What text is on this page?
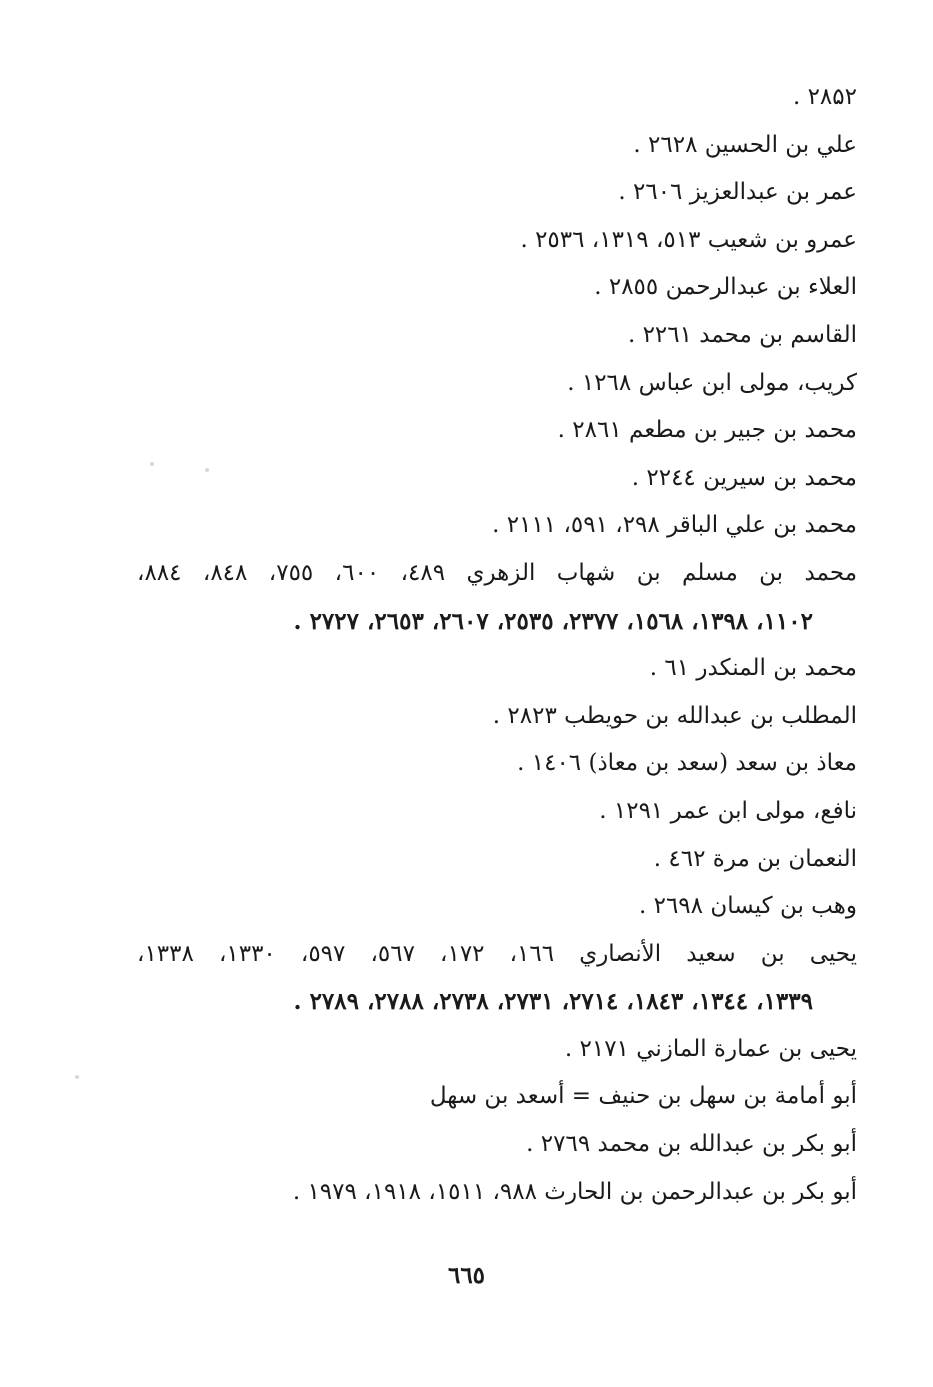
۲۸۵۲ .
علي بن الحسين ۲٦۲۸ .
عمر بن عبدالعزيز ۲٦۰٦ .
عمرو بن شعيب ٥١٣، ١٣١٩، ٢٥٣٦ .
العلاء بن عبدالرحمن ۲۸٥٥ .
القاسم بن محمد ۲۲٦١ .
كريب، مولى ابن عباس ١٢٦٨ .
محمد بن جبير بن مطعم ۲۸٦١ .
محمد بن سيرين ٢٢٤٤ .
محمد بن علي الباقر ۲۹۸، ٥۹١، ٢١١١ .
محمد بن مسلم بن شهاب الزهري ٤٨٩، ٦٠٠، ٧٥٥، ٨٤٨، ٨٨٤،
١١٠٢، ١٣٩٨، ١٥٦٨، ٢٣٧٧، ٢٥٣٥، ٢٦٠٧، ٢٦٥٣، ٢٧٢٧ .
محمد بن المنكدر ٦١ .
المطلب بن عبدالله بن حويطب ۲۸۲۳ .
معاذ بن سعد (سعد بن معاذ) ١٤٠٦ .
نافع، مولى ابن عمر ١٢٩١ .
النعمان بن مرة ٤٦٢ .
وهب بن كيسان ٢٦٩٨ .
يحيى بن سعيد الأنصاري ١٦٦، ١٧٢، ٥٦٧، ٥٩٧، ١٣٣٠، ١٣٣٨،
١٣٣٩، ١٣٤٤، ١٨٤٣، ٢٧١٤، ٢٧٣١، ٢٧٣٨، ٢٧٨٨، ٢٧٨٩ .
يحيى بن عمارة المازني ٢١٧١ .
أبو أمامة بن سهل بن حنيف = أسعد بن سهل
أبو بكر بن عبدالله بن محمد ۲۷٦۹ .
أبو بكر بن عبدالرحمن بن الحارث ٩٨٨، ١٥١١، ١٩١٨، ١٩٧٩ .
٦٦٥
